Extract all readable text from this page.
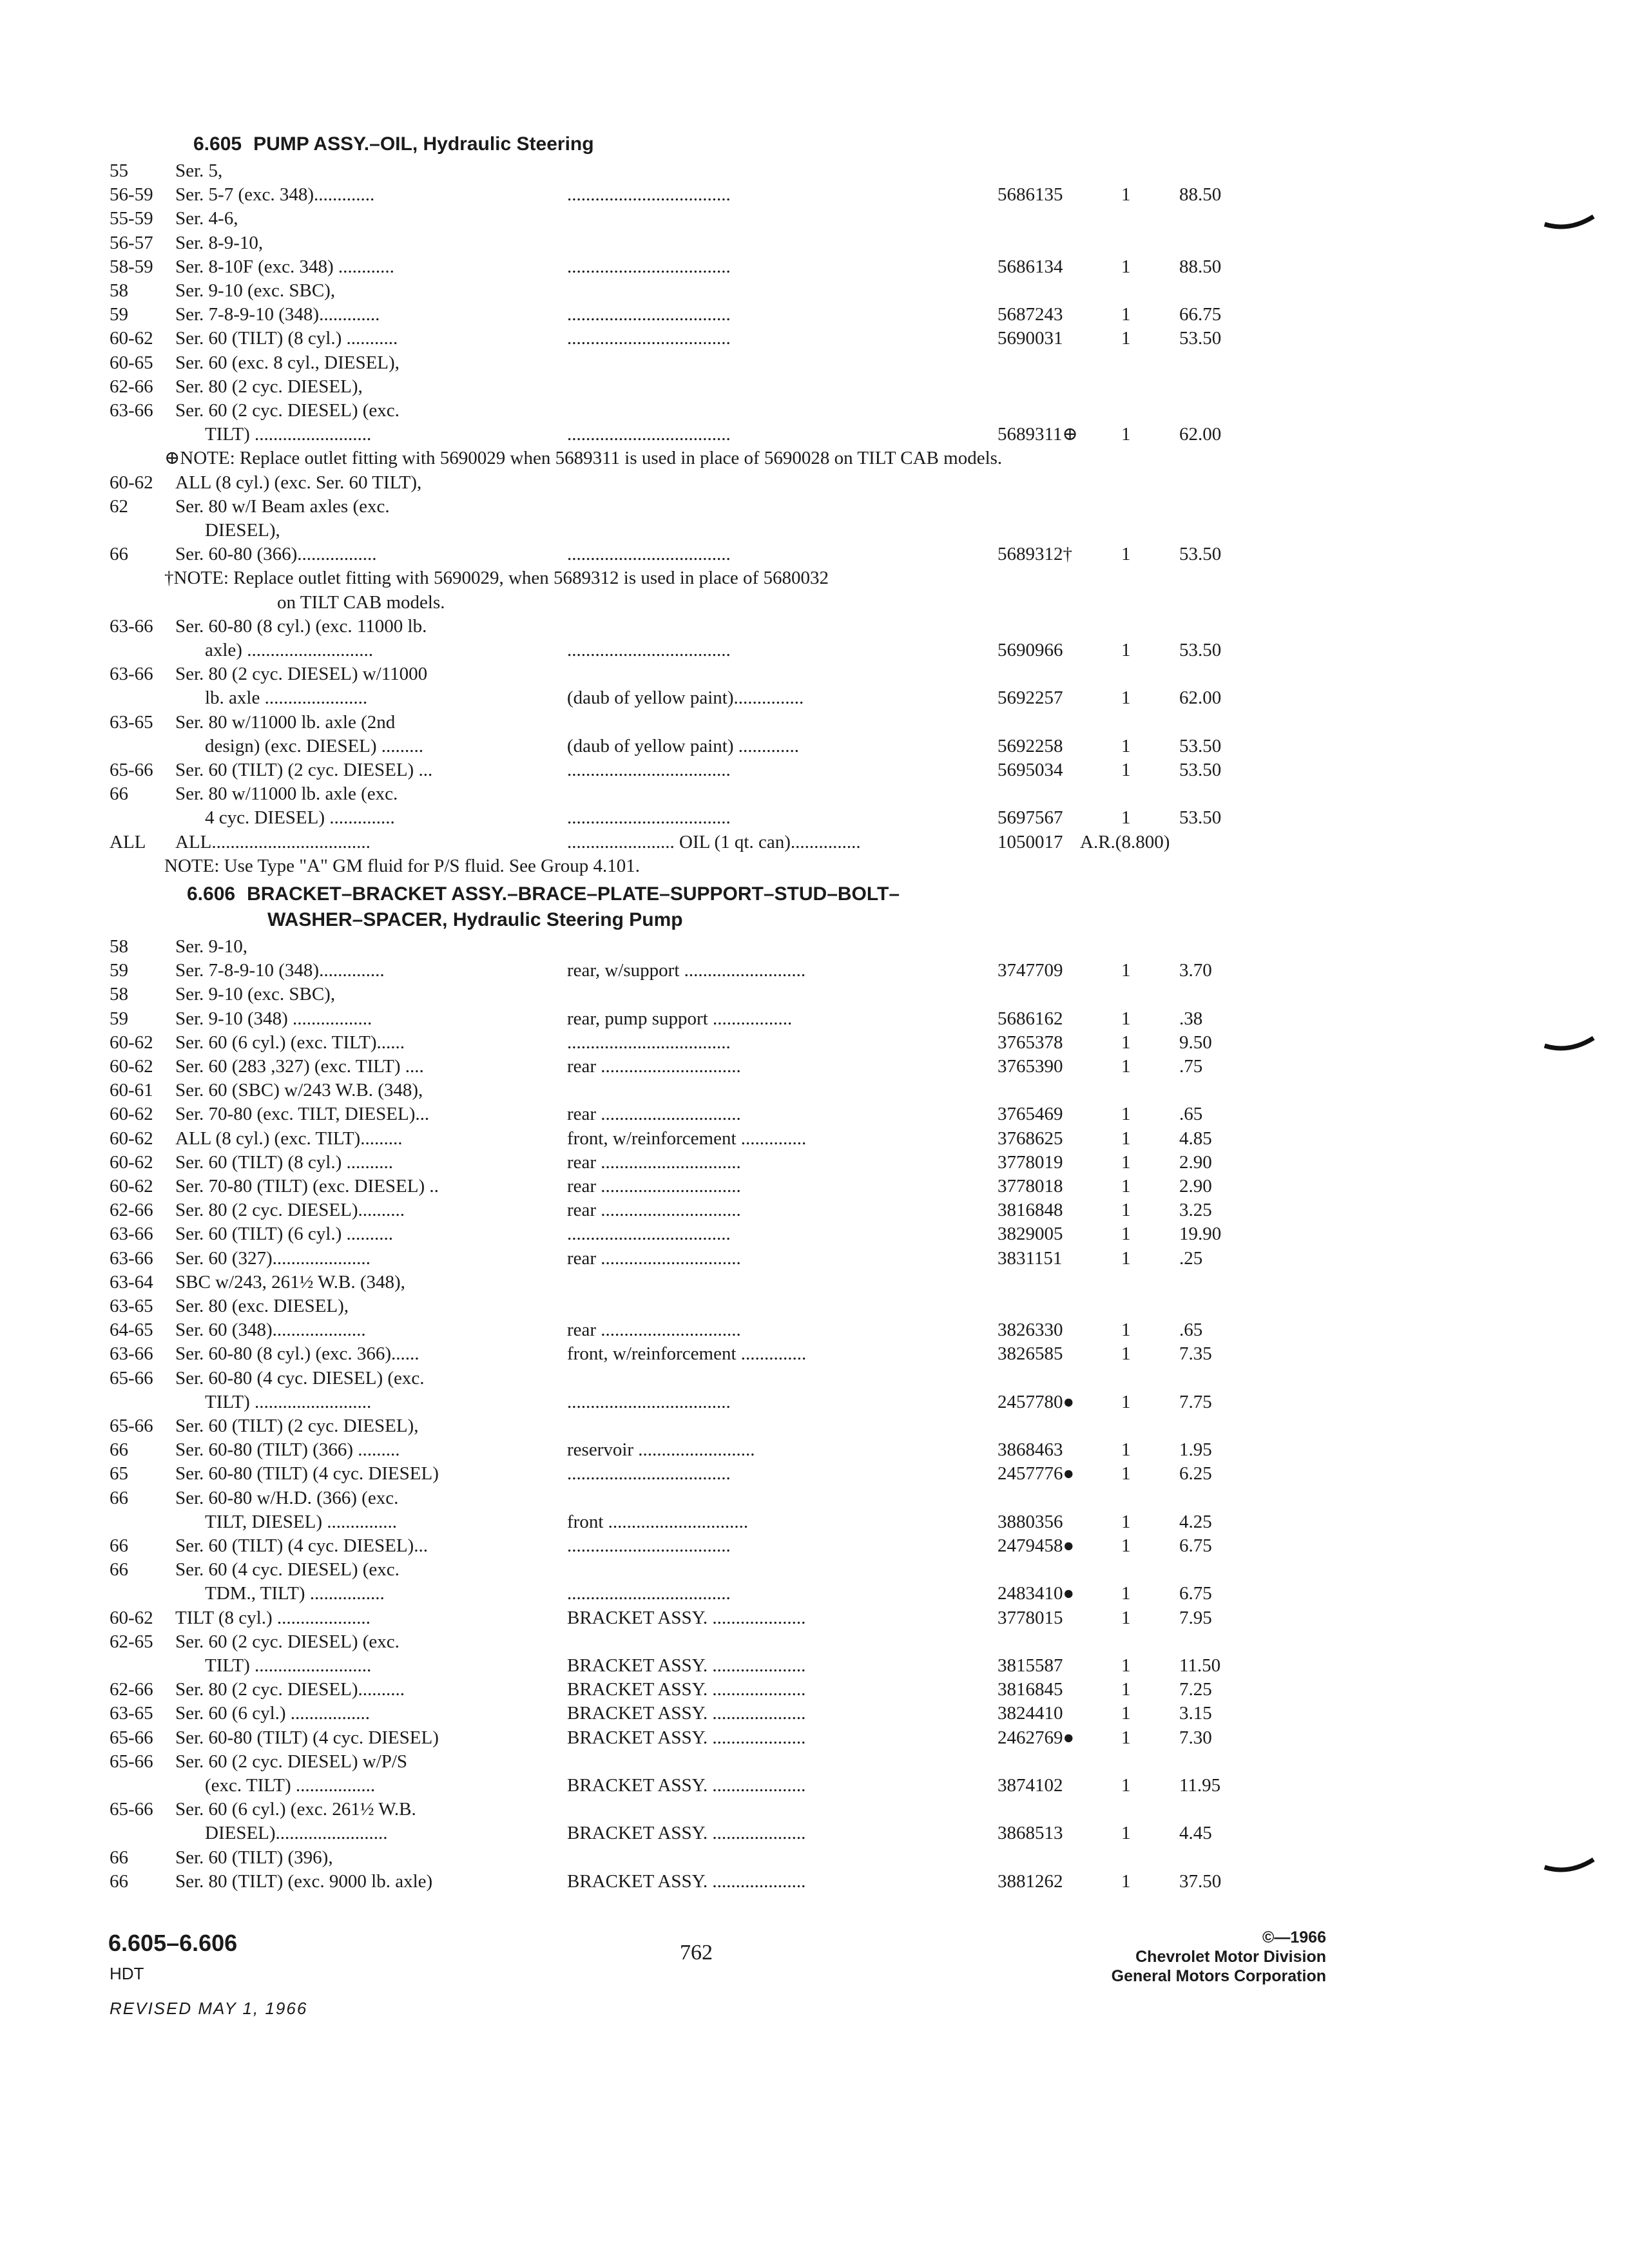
6.605 PUMP ASSY.–OIL, Hydraulic Steering
55	Ser. 5,
56-59 Ser. 5-7 (exc. 348).............	...................................	5686135	1	88.50
55-59 Ser. 4-6,
56-57 Ser. 8-9-10,
58-59 Ser. 8-10F (exc. 348) ............	...................................	5686134	1	88.50
58	Ser. 9-10 (exc. SBC),
59	Ser. 7-8-9-10 (348).............	...................................	5687243	1	66.75
60-62 Ser. 60 (TILT) (8 cyl.) ...........	...................................	5690031	1	53.50
60-65 Ser. 60 (exc. 8 cyl., DIESEL),
62-66 Ser. 80 (2 cyc. DIESEL),
63-66 Ser. 60 (2 cyc. DIESEL) (exc.
TILT) .........................	...................................	5689311⊕ 1	62.00
⊕NOTE: Replace outlet fitting with 5690029 when 5689311 is used in place of 5690028 on TILT CAB models.
60-62 ALL (8 cyl.) (exc. Ser. 60 TILT),
62	Ser. 80 w/I Beam axles (exc.
DIESEL),
66	Ser. 60-80 (366).................	...................................	5689312†	1	53.50
†NOTE: Replace outlet fitting with 5690029, when 5689312 is used in place of 5680032
on TILT CAB models.
63-66 Ser. 60-80 (8 cyl.) (exc. 11000 lb.
axle) ...........................	...................................	5690966	1	53.50
63-66 Ser. 80 (2 cyc. DIESEL) w/11000
lb. axle ......................	(daub of yellow paint)...............	5692257	1	62.00
63-65 Ser. 80 w/11000 lb. axle (2nd
design) (exc. DIESEL) .........	(daub of yellow paint) .............	5692258	1	53.50
65-66 Ser. 60 (TILT) (2 cyc. DIESEL) ...	...................................	5695034	1	53.50
66	Ser. 80 w/11000 lb. axle (exc.
4 cyc. DIESEL) ..............	...................................	5697567	1	53.50
ALL ALL..................................	....................... OIL (1 qt. can)...............	1050017 A.R.(8.800)
NOTE: Use Type "A" GM fluid for P/S fluid. See Group 4.101.
6.606 BRACKET–BRACKET ASSY.–BRACE–PLATE–SUPPORT–STUD–BOLT–
WASHER–SPACER, Hydraulic Steering Pump
58	Ser. 9-10,
59	Ser. 7-8-9-10 (348)..............	rear, w/support ..........................	3747709	1	3.70
58	Ser. 9-10 (exc. SBC),
59	Ser. 9-10 (348) .................	rear, pump support .................	5686162	1	.38
60-62 Ser. 60 (6 cyl.) (exc. TILT)......	...................................	3765378	1	9.50
60-62 Ser. 60 (283 ,327) (exc. TILT) ....	rear ..............................	3765390	1	.75
60-61 Ser. 60 (SBC) w/243 W.B. (348),
60-62 Ser. 70-80 (exc. TILT, DIESEL)...	rear ..............................	3765469	1	.65
60-62 ALL (8 cyl.) (exc. TILT).........	front, w/reinforcement ..............	3768625	1	4.85
60-62 Ser. 60 (TILT) (8 cyl.) ..........	rear ..............................	3778019	1	2.90
60-62 Ser. 70-80 (TILT) (exc. DIESEL) ..	rear ..............................	3778018	1	2.90
62-66 Ser. 80 (2 cyc. DIESEL)..........	rear ..............................	3816848	1	3.25
63-66 Ser. 60 (TILT) (6 cyl.) ..........	...................................	3829005	1	19.90
63-66 Ser. 60 (327).....................	rear ..............................	3831151	1	.25
63-64 SBC w/243, 261½ W.B. (348),
63-65 Ser. 80 (exc. DIESEL),
64-65 Ser. 60 (348)....................	rear ..............................	3826330	1	.65
63-66 Ser. 60-80 (8 cyl.) (exc. 366)......	front, w/reinforcement ..............	3826585	1	7.35
65-66 Ser. 60-80 (4 cyc. DIESEL) (exc.
TILT) .........................	...................................	2457780●	1	7.75
65-66 Ser. 60 (TILT) (2 cyc. DIESEL),
66	Ser. 60-80 (TILT) (366) .........	reservoir .........................	3868463	1	1.95
65	Ser. 60-80 (TILT) (4 cyc. DIESEL)	...................................	2457776●	1	6.25
66	Ser. 60-80 w/H.D. (366) (exc.
TILT, DIESEL) ...............	front ..............................	3880356	1	4.25
66	Ser. 60 (TILT) (4 cyc. DIESEL)...	...................................	2479458●	1	6.75
66	Ser. 60 (4 cyc. DIESEL) (exc.
TDM., TILT) ................	...................................	2483410●	1	6.75
60-62 TILT (8 cyl.) ....................	BRACKET ASSY. ....................	3778015	1	7.95
62-65 Ser. 60 (2 cyc. DIESEL) (exc.
TILT) .........................	BRACKET ASSY. ....................	3815587	1	11.50
62-66 Ser. 80 (2 cyc. DIESEL)..........	BRACKET ASSY. ....................	3816845	1	7.25
63-65 Ser. 60 (6 cyl.) .................	BRACKET ASSY. ....................	3824410	1	3.15
65-66 Ser. 60-80 (TILT) (4 cyc. DIESEL)	BRACKET ASSY. ....................	2462769●	1	7.30
65-66 Ser. 60 (2 cyc. DIESEL) w/P/S
(exc. TILT) .................	BRACKET ASSY. ....................	3874102	1	11.95
65-66 Ser. 60 (6 cyl.) (exc. 261½ W.B.
DIESEL)........................	BRACKET ASSY. ....................	3868513	1	4.45
66	Ser. 60 (TILT) (396),
66	Ser. 80 (TILT) (exc. 9000 lb. axle)	BRACKET ASSY. ....................	3881262	1	37.50
6.605–6.606
HDT
REVISED MAY 1, 1966
762
©—1966
Chevrolet Motor Division
General Motors Corporation
